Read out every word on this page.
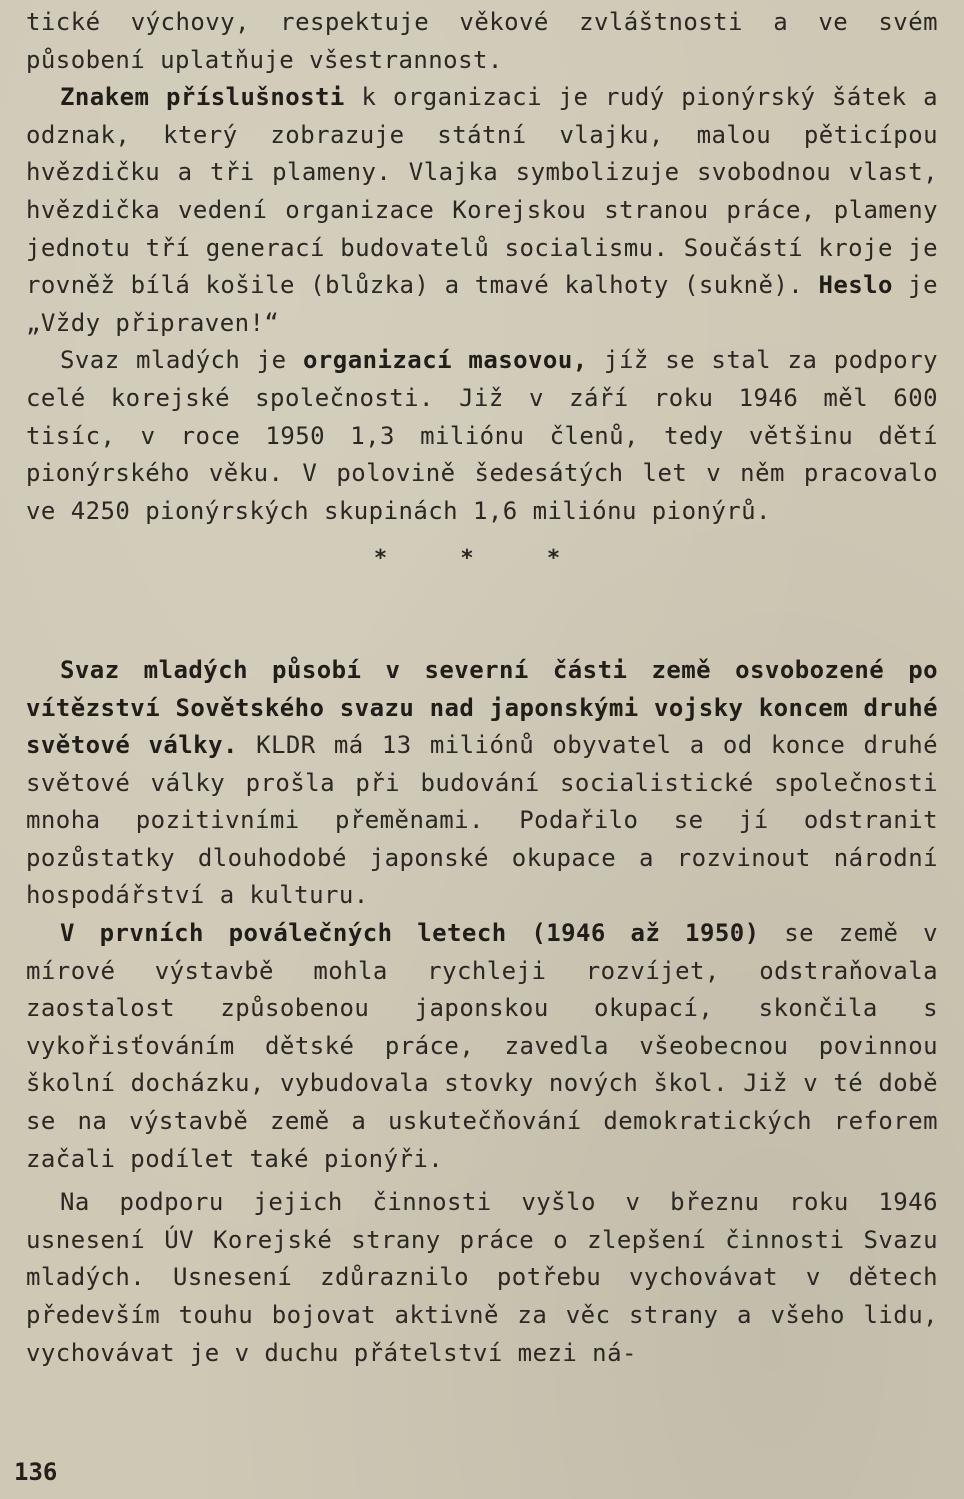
tické výchovy, respektuje věkové zvláštnosti a ve svém působení uplatňuje všestrannost.

Znakem příslušnosti k organizaci je rudý pionýrský šátek a odznak, který zobrazuje státní vlajku, malou pěticípou hvězdičku a tři plameny. Vlajka symbolizuje svobodnou vlast, hvězdička vedení organizace Korejskou stranou práce, plameny jednotu tří generací budovatelů socialismu. Součástí kroje je rovněž bílá košile (blůzka) a tmavé kalhoty (sukně). Heslo je „Vždy připraven!“

Svaz mladých je organizací masovou, jíž se stal za podpory celé korejské společnosti. Již v září roku 1946 měl 600 tisíc, v roce 1950 1,3 miliónu členů, tedy většinu dětí pionýrského věku. V polovině šedesátých let v něm pracovalo ve 4250 pionýrských skupinách 1,6 miliónu pionýrů.

* * *

Svaz mladých působí v severní části země osvobozené po vítězství Sovětského svazu nad japonskými vojsky koncem druhé světové války. KLDR má 13 miliónů obyvatel a od konce druhé světové války prošla při budování socialistické společnosti mnoha pozitivními přeměnami. Podařilo se jí odstranit pozůstatky dlouhodobé japonské okupace a rozvinout národní hospodářství a kulturu.

V prvních poválečných letech (1946 až 1950) se země v mírové výstavbě mohla rychleji rozvíjet, odstraňovala zaostalost způsobenou japonskou okupací, skončila s vykořisťováním dětské práce, zavedla všeobecnou povinnou školní docházku, vybudovala stovky nových škol. Již v té době se na výstavbě země a uskutečňování demokratických reforem začali podílet také pionýři.

Na podporu jejich činnosti vyšlo v březnu roku 1946 usnesení ÚV Korejské strany práce o zlepšení činnosti Svazu mladých. Usnesení zdůraznilo potřebu vychovávat v dětech především touhu bojovat aktivně za věc strany a všeho lidu, vychovávat je v duchu přátelství mezi ná-

136
